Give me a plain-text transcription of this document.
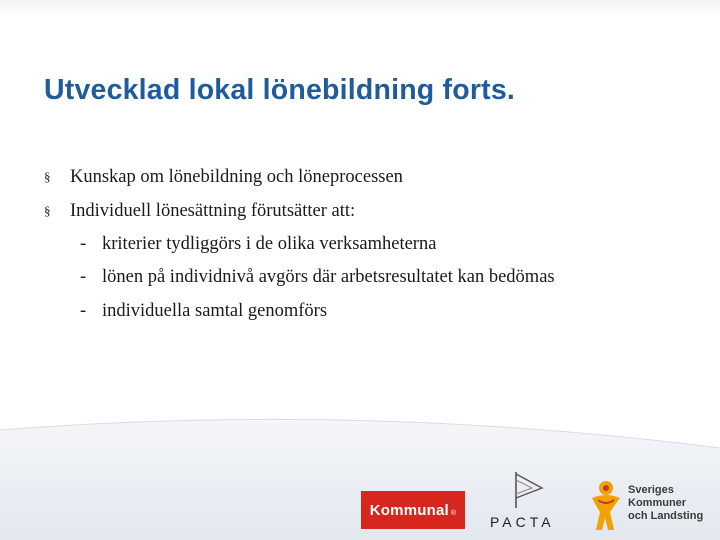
Utvecklad lokal lönebildning forts.
§ Kunskap om lönebildning och löneprocessen
§ Individuell lönesättning förutsätter att:
- kriterier tydliggörs i de olika verksamheterna
- lönen på individnivå avgörs där arbetsresultatet kan bedömas
- individuella samtal genomförs
Kommunal ®
PACTA
Sveriges
Kommuner
och Landsting
